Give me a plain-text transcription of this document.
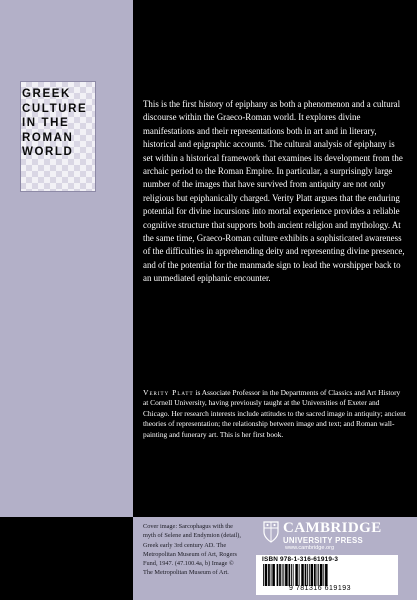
GREEK
CULTURE
IN THE
ROMAN
WORLD

This is the first history of epiphany as both a phenomenon and a cultural discourse within the Graeco-Roman world. It explores divine manifestations and their representations both in art and in literary, historical and epigraphic accounts. The cultural analysis of epiphany is set within a historical framework that examines its development from the archaic period to the Roman Empire. In particular, a surprisingly large number of the images that have survived from antiquity are not only religious but epiphanically charged. Verity Platt argues that the enduring potential for divine incursions into mortal experience provides a reliable cognitive structure that supports both ancient religion and mythology. At the same time, Graeco-Roman culture exhibits a sophisticated awareness of the difficulties in apprehending deity and representing divine presence, and of the potential for the manmade sign to lead the worshipper back to an unmediated epiphanic encounter.

Verity Platt is Associate Professor in the Departments of Classics and Art History at Cornell University, having previously taught at the Universities of Exeter and Chicago. Her research interests include attitudes to the sacred image in antiquity; ancient theories of representation; the relationship between image and text; and Roman wall-painting and funerary art. This is her first book.

Cover image: Sarcophagus with the myth of Selene and Endymion (detail), Greek early 3rd century AD. The Metropolitan Museum of Art, Rogers Fund, 1947. (47.100.4a, b) Image © The Metropolitan Museum of Art.

CAMBRIDGE

UNIVERSITY PRESS

www.cambridge.org

ISBN 978-1-316-61919-3

9 781316 619193
